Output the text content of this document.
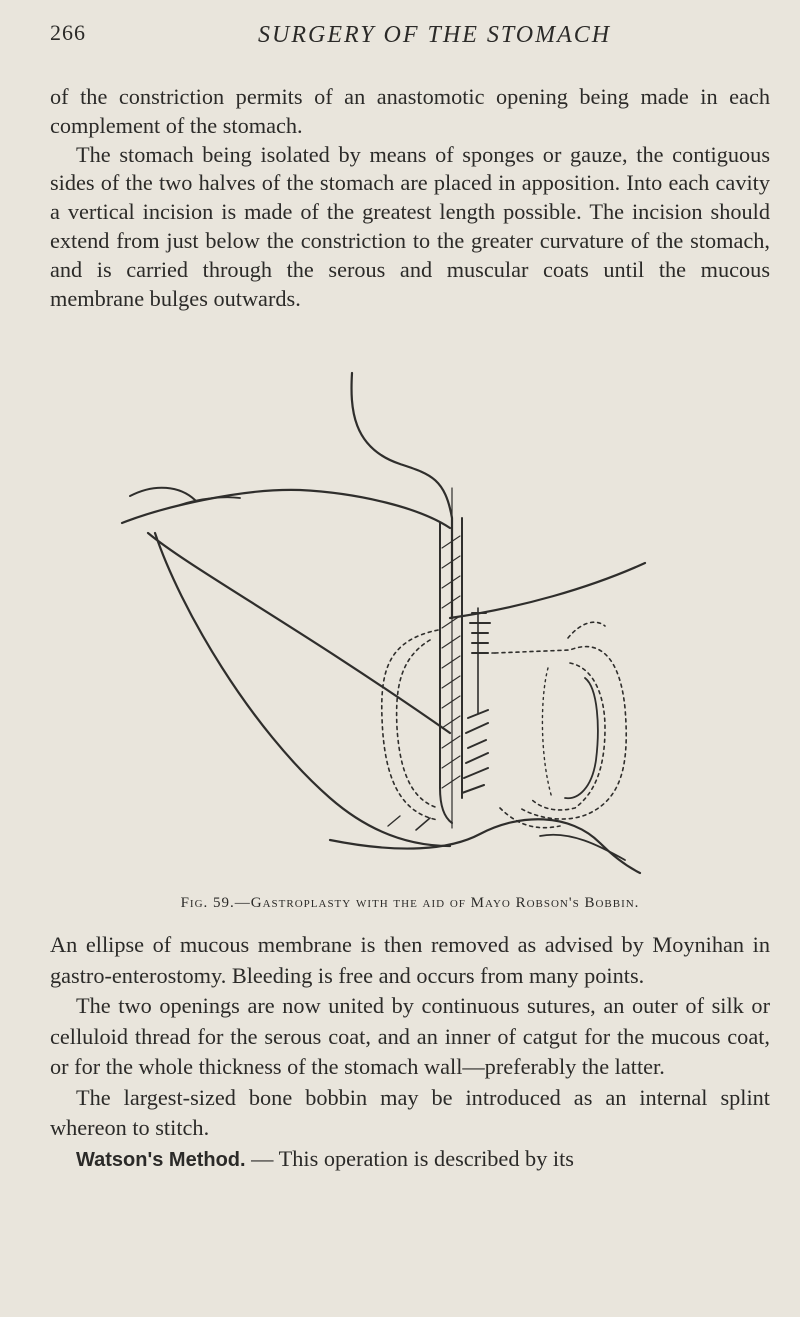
266	SURGERY OF THE STOMACH

of the constriction permits of an anastomotic opening being made in each complement of the stomach.

The stomach being isolated by means of sponges or gauze, the contiguous sides of the two halves of the stomach are placed in apposition. Into each cavity a vertical incision is made of the greatest length possible. The incision should extend from just below the constriction to the greater curvature of the stomach, and is carried through the serous and muscular coats until the mucous membrane bulges outwards.

Fig. 59.—Gastroplasty with the aid of Mayo Robson's Bobbin.

An ellipse of mucous membrane is then removed as advised by Moynihan in gastro-enterostomy. Bleeding is free and occurs from many points.

The two openings are now united by continuous sutures, an outer of silk or celluloid thread for the serous coat, and an inner of catgut for the mucous coat, or for the whole thickness of the stomach wall—preferably the latter.

The largest-sized bone bobbin may be introduced as an internal splint whereon to stitch.

Watson's Method. — This operation is described by its
